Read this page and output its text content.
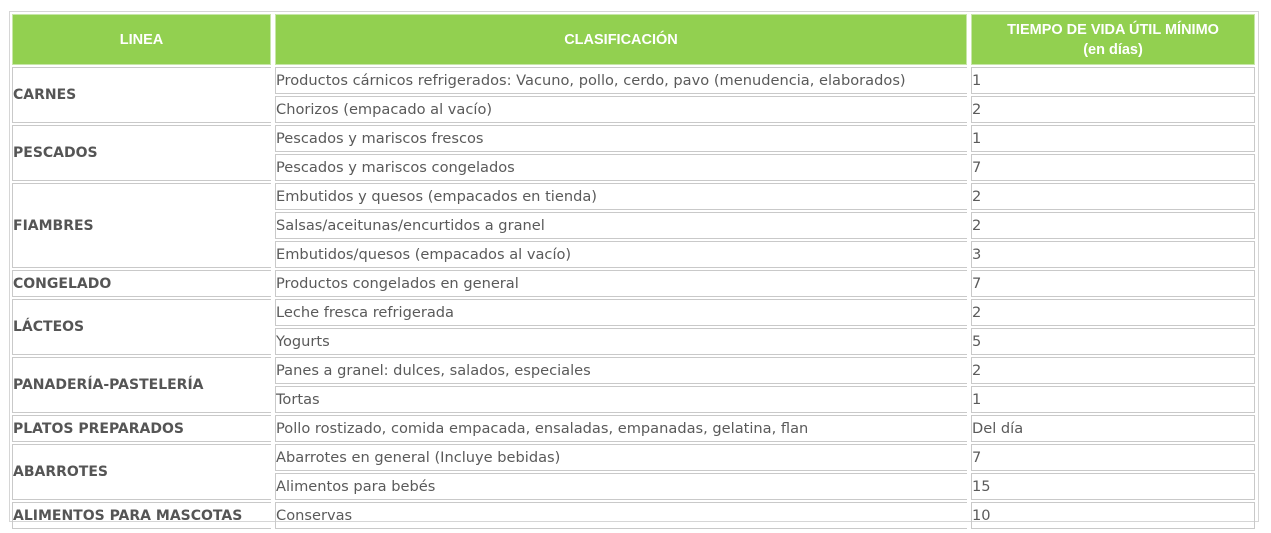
LINEA	CLASIFICACIÓN	TIEMPO DE VIDA ÚTIL MÍNIMO
(en días)
CARNES	Productos cárnicos refrigerados: Vacuno, pollo, cerdo, pavo (menudencia, elaborados)	1
	Chorizos (empacado al vacío)	2
PESCADOS	Pescados y mariscos frescos	1
	Pescados y mariscos congelados	7
FIAMBRES	Embutidos y quesos (empacados en tienda)	2
	Salsas/aceitunas/encurtidos a granel	2
	Embutidos/quesos (empacados al vacío)	3
CONGELADO	Productos congelados en general	7
LÁCTEOS	Leche fresca refrigerada	2
	Yogurts	5
PANADERÍA-PASTELERÍA	Panes a granel: dulces, salados, especiales	2
	Tortas	1
PLATOS PREPARADOS	Pollo rostizado, comida empacada, ensaladas, empanadas, gelatina, flan	Del día
ABARROTES	Abarrotes en general (Incluye bebidas)	7
	Alimentos para bebés	15
ALIMENTOS PARA MASCOTAS	Conservas	10
